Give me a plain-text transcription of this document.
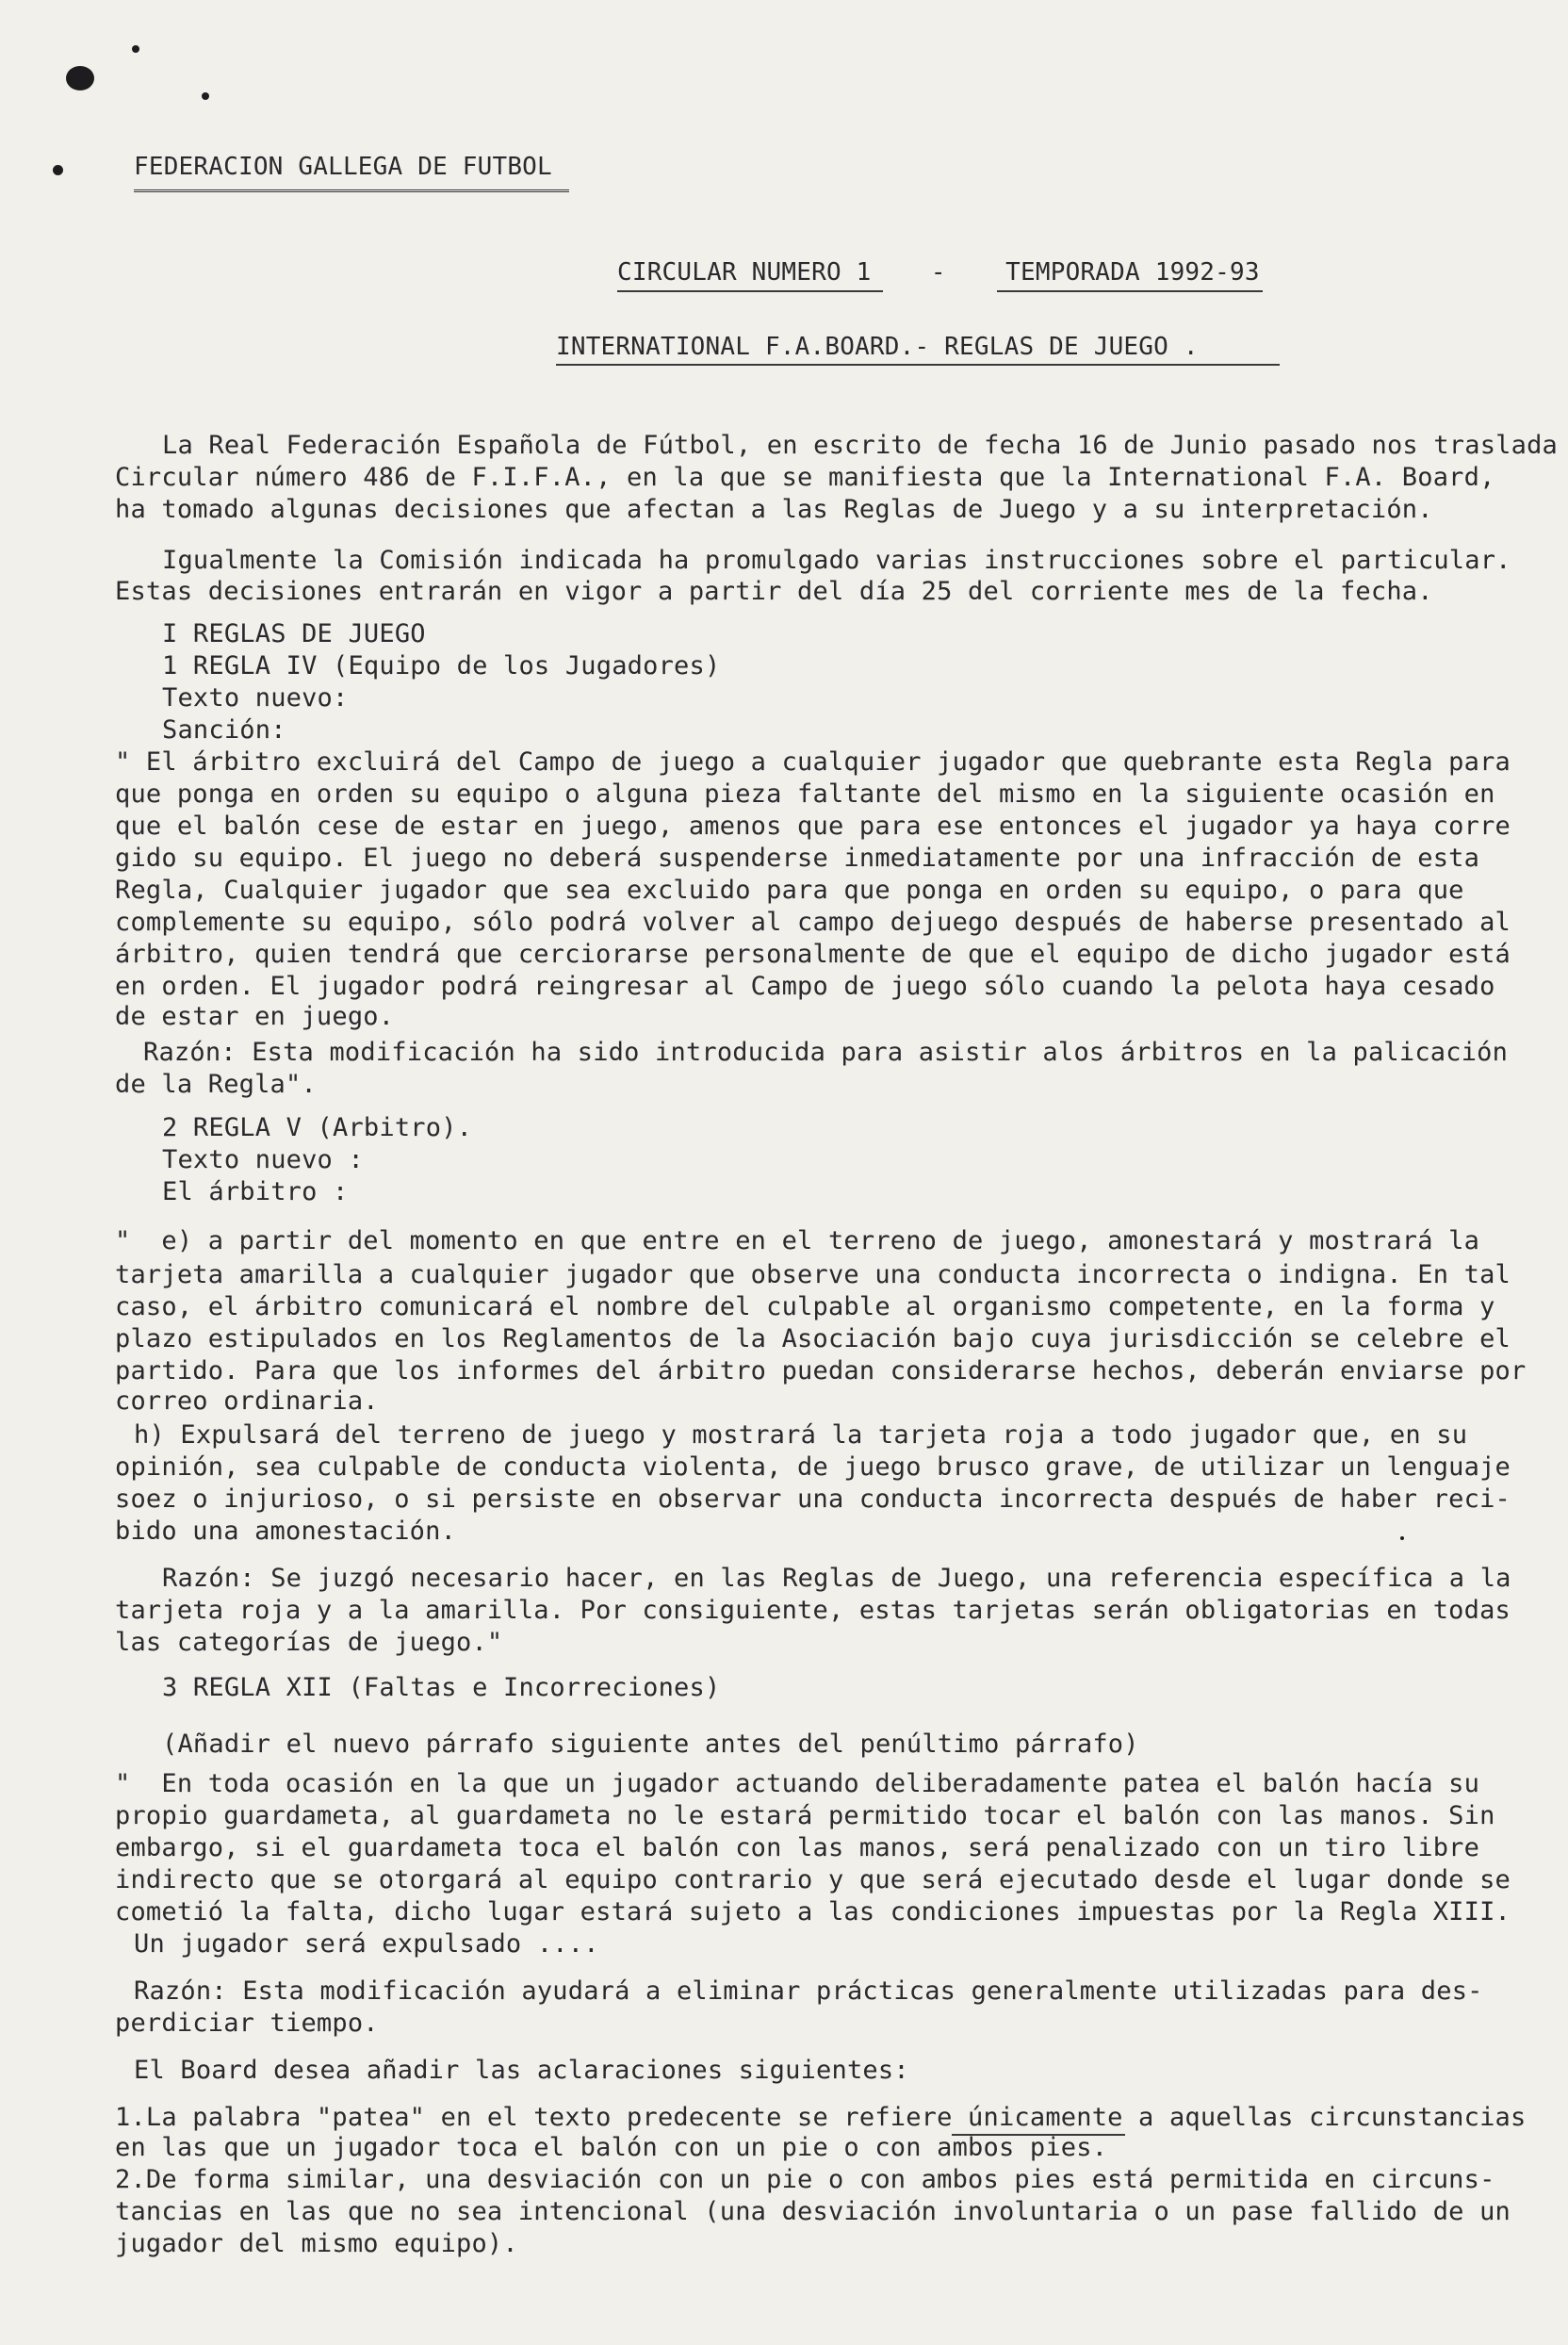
FEDERACION GALLEGA DE FUTBOL
CIRCULAR NUMERO 1    -    TEMPORADA 1992-93
INTERNATIONAL F.A.BOARD.- REGLAS DE JUEGO .
La Real Federación Española de Fútbol, en escrito de fecha 16 de Junio pasado nos traslada
Circular número 486 de F.I.F.A., en la que se manifiesta que la International F.A. Board,
ha tomado algunas decisiones que afectan a las Reglas de Juego y a su interpretación.
Igualmente la Comisión indicada ha promulgado varias instrucciones sobre el particular.
Estas decisiones entrarán en vigor a partir del día 25 del corriente mes de la fecha.
I REGLAS DE JUEGO
1 REGLA IV (Equipo de los Jugadores)
Texto nuevo:
Sanción:
" El árbitro excluirá del Campo de juego a cualquier jugador que quebrante esta Regla para
que ponga en orden su equipo o alguna pieza faltante del mismo en la siguiente ocasión en
que el balón cese de estar en juego, amenos que para ese entonces el jugador ya haya corre
gido su equipo. El juego no deberá suspenderse inmediatamente por una infracción de esta
Regla, Cualquier jugador que sea excluido para que ponga en orden su equipo, o para que
complemente su equipo, sólo podrá volver al campo dejuego después de haberse presentado al
árbitro, quien tendrá que cerciorarse personalmente de que el equipo de dicho jugador está
en orden. El jugador podrá reingresar al Campo de juego sólo cuando la pelota haya cesado
de estar en juego.
Razón: Esta modificación ha sido introducida para asistir alos árbitros en la palicación
de la Regla".
2 REGLA V (Arbitro).
Texto nuevo :
El árbitro :
"  e) a partir del momento en que entre en el terreno de juego, amonestará y mostrará la
tarjeta amarilla a cualquier jugador que observe una conducta incorrecta o indigna. En tal
caso, el árbitro comunicará el nombre del culpable al organismo competente, en la forma y
plazo estipulados en los Reglamentos de la Asociación bajo cuya jurisdicción se celebre el
partido. Para que los informes del árbitro puedan considerarse hechos, deberán enviarse por
correo ordinaria.
h) Expulsará del terreno de juego y mostrará la tarjeta roja a todo jugador que, en su
opinión, sea culpable de conducta violenta, de juego brusco grave, de utilizar un lenguaje
soez o injurioso, o si persiste en observar una conducta incorrecta después de haber reci-
bido una amonestación.
Razón: Se juzgó necesario hacer, en las Reglas de Juego, una referencia específica a la
tarjeta roja y a la amarilla. Por consiguiente, estas tarjetas serán obligatorias en todas
las categorías de juego."
3 REGLA XII (Faltas e Incorreciones)
(Añadir el nuevo párrafo siguiente antes del penúltimo párrafo)
"  En toda ocasión en la que un jugador actuando deliberadamente patea el balón hacía su
propio guardameta, al guardameta no le estará permitido tocar el balón con las manos. Sin
embargo, si el guardameta toca el balón con las manos, será penalizado con un tiro libre
indirecto que se otorgará al equipo contrario y que será ejecutado desde el lugar donde se
cometió la falta, dicho lugar estará sujeto a las condiciones impuestas por la Regla XIII.
Un jugador será expulsado ....
Razón: Esta modificación ayudará a eliminar prácticas generalmente utilizadas para des-
perdiciar tiempo.
El Board desea añadir las aclaraciones siguientes:
1.La palabra "patea" en el texto predecente se refiere únicamente a aquellas circunstancias
en las que un jugador toca el balón con un pie o con ambos pies.
2.De forma similar, una desviación con un pie o con ambos pies está permitida en circuns-
tancias en las que no sea intencional (una desviación involuntaria o un pase fallido de un
jugador del mismo equipo).
